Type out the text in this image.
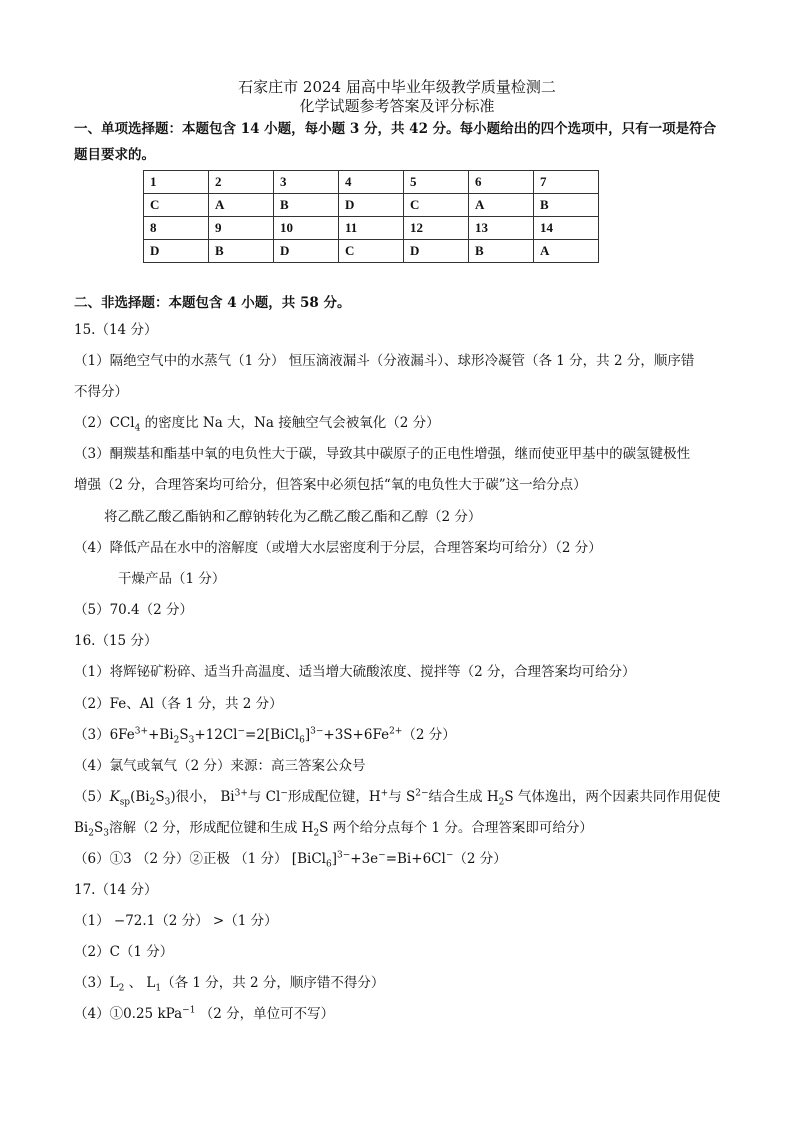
石家庄市 2024 届高中毕业年级教学质量检测二
化学试题参考答案及评分标准
一、单项选择题：本题包含 14 小题，每小题 3 分，共 42 分。每小题给出的四个选项中，只有一项是符合
题目要求的。
1	2	3	4	5	6	7
C	A	B	D	C	A	B
8	9	10	11	12	13	14
D	B	D	C	D	B	A
二、非选择题：本题包含 4 小题，共 58 分。
15.（14 分）
（1）隔绝空气中的水蒸气（1 分） 恒压滴液漏斗（分液漏斗）、球形冷凝管（各 1 分，共 2 分，顺序错
不得分）
（2）CCl$_4$ 的密度比 Na 大，Na 接触空气会被氧化（2 分）
（3）酮羰基和酯基中氧的电负性大于碳，导致其中碳原子的正电性增强，继而使亚甲基中的碳氢键极性
增强（2 分，合理答案均可给分，但答案中必须包括“氧的电负性大于碳”这一给分点）
将乙酰乙酸乙酯钠和乙醇钠转化为乙酰乙酸乙酯和乙醇（2 分）
（4）降低产品在水中的溶解度（或增大水层密度利于分层，合理答案均可给分）（2 分）
干燥产品（1 分）
（5）70.4（2 分）
16.（15 分）
（1）将辉铋矿粉碎、适当升高温度、适当增大硫酸浓度、搅拌等（2 分，合理答案均可给分）
（2）Fe、Al（各 1 分，共 2 分）
$(3)6Fe^{3+}+Bi_2S_3+12Cl^-=2[BiCl_6]^{3-}+3S+6Fe^{2+}(2$ 分）
（4）氯气或氧气（2 分）来源：高三答案公众号
$(5)K_{sp}(Bi_2S_3)$很小， $Bi^{3+}$与 Cl−形成配位键，H+与 $S^{2-}$结合生成 $H_2S$ 气体逸出，两个因素共同作用促使
$Bi_2S_3$溶解（2 分，形成配位键和生成 $H_2S$ 两个给分点每个 1 分。合理答案即可给分）
（6）①3 （2 分）②正极 （1 分） [BiCl$_6$]$^{3-}$+3e−=Bi+6Cl−（2 分）
17.（14 分）
（1） −72.1（2 分） >（1 分）
（2）C（1 分）
$(3)L_2$ 、 $L_1$（各 1 分，共 2 分，顺序错不得分）
（4）①0.25 kPa$^{-1}$ （2 分，单位可不写）
